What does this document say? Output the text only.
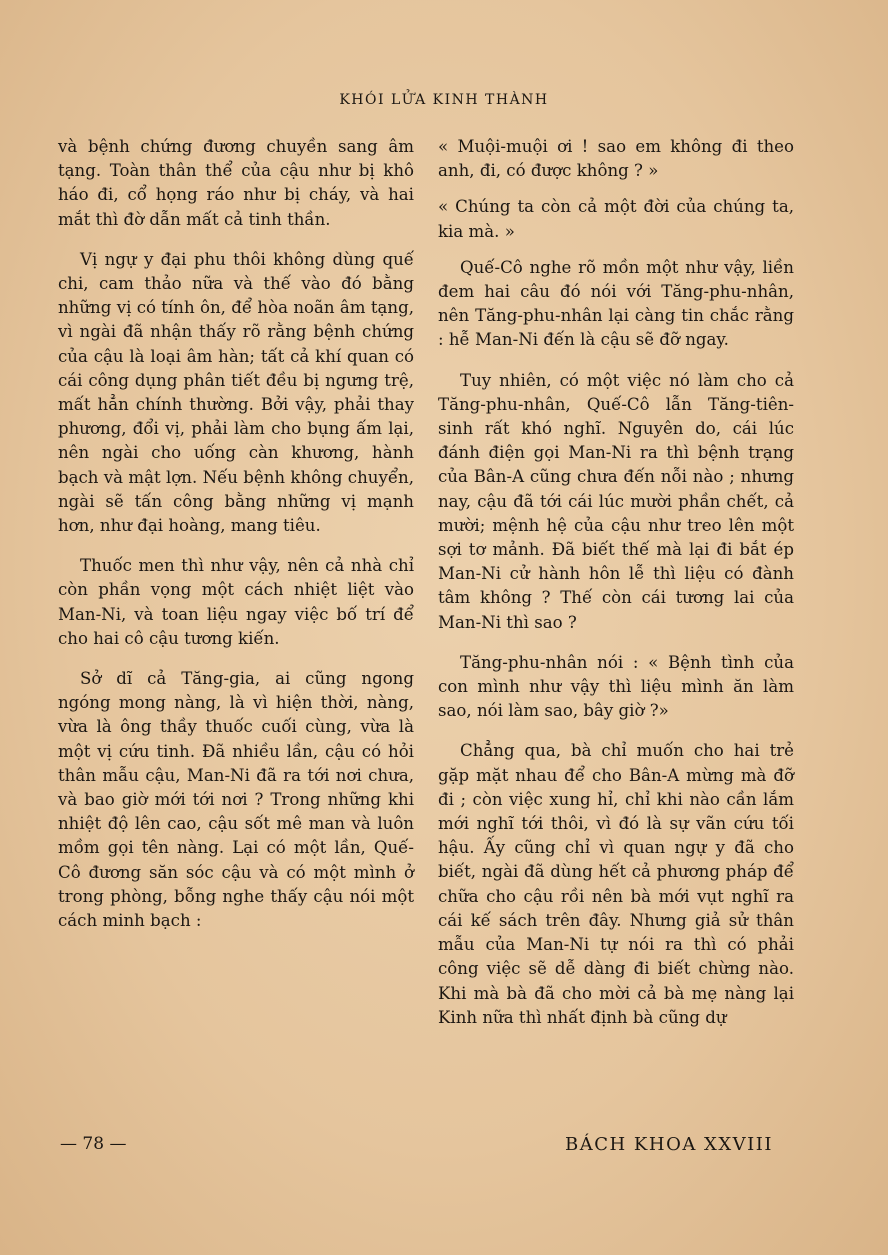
KHÓI LỬA KINH THÀNH

và bệnh chứng đương chuyền sang âm tạng. Toàn thân thể của cậu như bị khô háo đi, cổ họng ráo như bị cháy, và hai mắt thì đờ dẫn mất cả tinh thần.

Vị ngự y đại phu thôi không dùng quế chi, cam thảo nữa và thế vào đó bằng những vị có tính ôn, để hòa noãn âm tạng, vì ngài đã nhận thấy rõ rằng bệnh chứng của cậu là loại âm hàn; tất cả khí quan có cái công dụng phân tiết đều bị ngưng trệ, mất hẳn chính thường. Bởi vậy, phải thay phương, đổi vị, phải làm cho bụng ấm lại, nên ngài cho uống càn khương, hành bạch và mật lợn. Nếu bệnh không chuyển, ngài sẽ tấn công bằng những vị mạnh hơn, như đại hoàng, mang tiêu.

Thuốc men thì như vậy, nên cả nhà chỉ còn phần vọng một cách nhiệt liệt vào Man-Ni, và toan liệu ngay việc bố trí để cho hai cô cậu tương kiến.

Sở dĩ cả Tăng-gia, ai cũng ngong ngóng mong nàng, là vì hiện thời, nàng, vừa là ông thầy thuốc cuối cùng, vừa là một vị cứu tinh. Đã nhiều lần, cậu có hỏi thân mẫu cậu, Man-Ni đã ra tới nơi chưa, và bao giờ mới tới nơi ? Trong những khi nhiệt độ lên cao, cậu sốt mê man và luôn mồm gọi tên nàng. Lại có một lần, Quế-Cô đương săn sóc cậu và có một mình ở trong phòng, bỗng nghe thấy cậu nói một cách minh bạch :

« Muội-muội ơi ! sao em không đi theo anh, đi, có được không ? »

« Chúng ta còn cả một đời của chúng ta, kia mà. »

Quế-Cô nghe rõ mồn một như vậy, liền đem hai câu đó nói với Tăng-phu-nhân, nên Tăng-phu-nhân lại càng tin chắc rằng : hễ Man-Ni đến là cậu sẽ đỡ ngay.

Tuy nhiên, có một việc nó làm cho cả Tăng-phu-nhân, Quế-Cô lẫn Tăng-tiên-sinh rất khó nghĩ. Nguyên do, cái lúc đánh điện gọi Man-Ni ra thì bệnh trạng của Bân-A cũng chưa đến nỗi nào ; nhưng nay, cậu đã tới cái lúc mười phần chết, cả mười; mệnh hệ của cậu như treo lên một sợi tơ mảnh. Đã biết thế mà lại đi bắt ép Man-Ni cử hành hôn lễ thì liệu có đành tâm không ? Thế còn cái tương lai của Man-Ni thì sao ?

Tăng-phu-nhân nói : « Bệnh tình của con mình như vậy thì liệu mình ăn làm sao, nói làm sao, bây giờ ?»

Chẳng qua, bà chỉ muốn cho hai trẻ gặp mặt nhau để cho Bân-A mừng mà đỡ đi ; còn việc xung hỉ, chỉ khi nào cần lắm mới nghĩ tới thôi, vì đó là sự vãn cứu tối hậu. Ấy cũng chỉ vì quan ngự y đã cho biết, ngài đã dùng hết cả phương pháp để chữa cho cậu rồi nên bà mới vụt nghĩ ra cái kế sách trên đây. Nhưng giả sử thân mẫu của Man-Ni tự nói ra thì có phải công việc sẽ dễ dàng đi biết chừng nào. Khi mà bà đã cho mời cả bà mẹ nàng lại Kinh nữa thì nhất định bà cũng dự

— 78 —	BÁCH KHOA XXVIII
